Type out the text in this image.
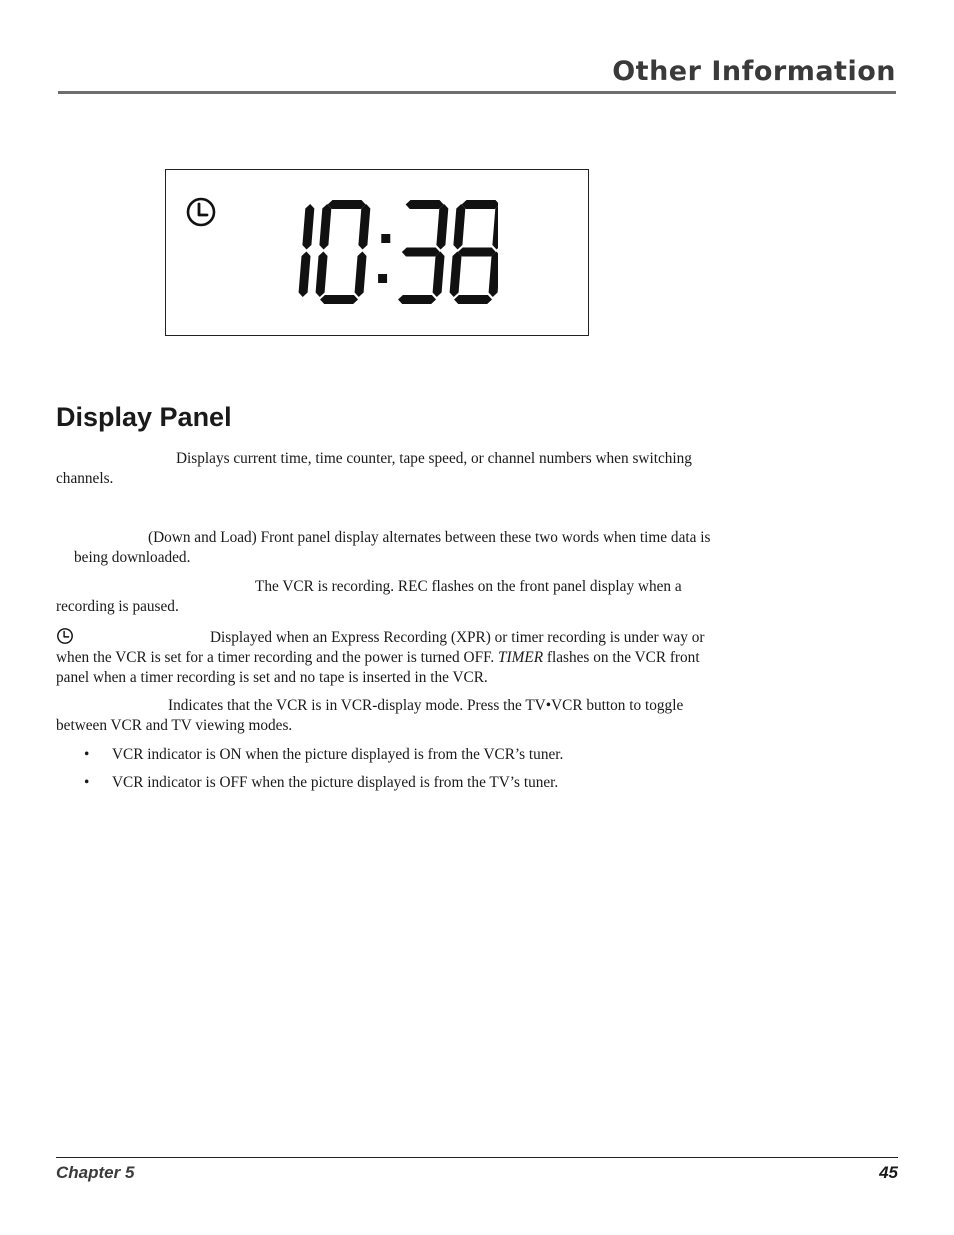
Other Information
Display Panel

Displays current time, time counter, tape speed, or channel numbers when switching channels.

(Down and Load) Front panel display alternates between these two words when time data is being downloaded.

The VCR is recording. REC flashes on the front panel display when a recording is paused.

Displayed when an Express Recording (XPR) or timer recording is under way or when the VCR is set for a timer recording and the power is turned OFF. TIMER flashes on the VCR front panel when a timer recording is set and no tape is inserted in the VCR.

Indicates that the VCR is in VCR-display mode. Press the TV•VCR button to toggle between VCR and TV viewing modes.

• VCR indicator is ON when the picture displayed is from the VCR’s tuner.

• VCR indicator is OFF when the picture displayed is from the TV’s tuner.

Chapter 5	45
